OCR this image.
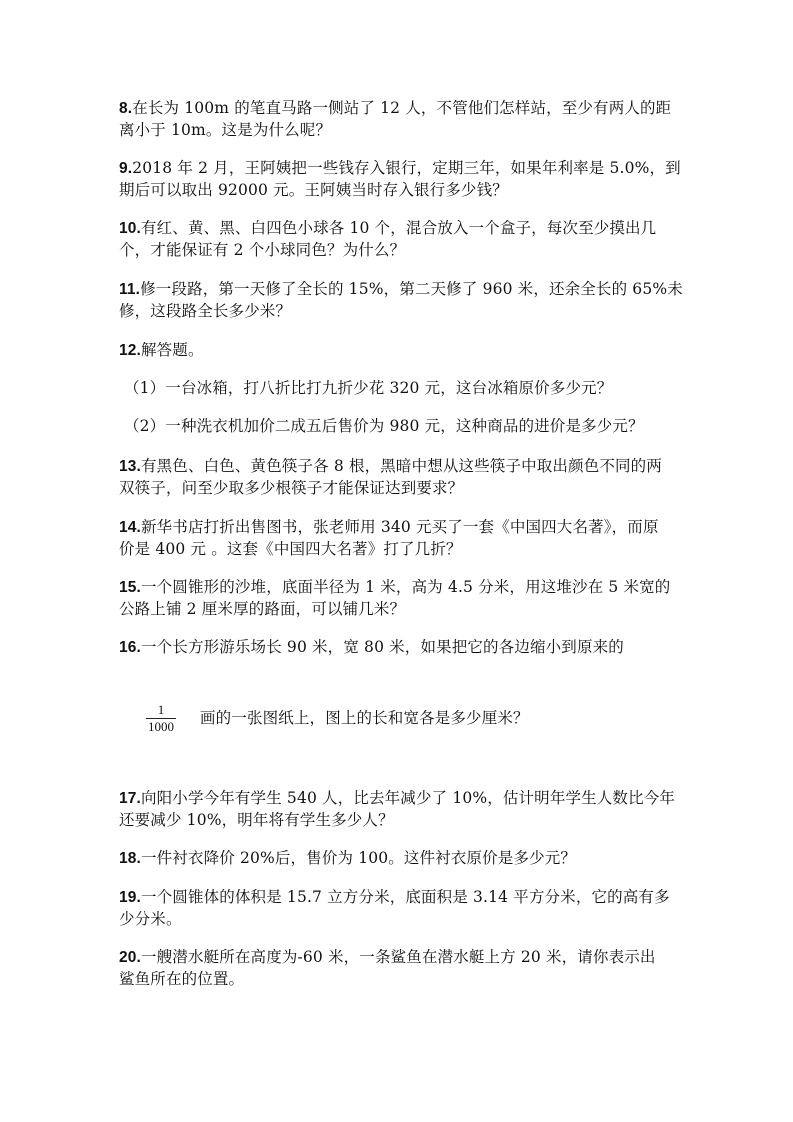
8.在长为 100m 的笔直马路一侧站了 12 人，不管他们怎样站，至少有两人的距
离小于 10m。这是为什么呢？
9.2018 年 2 月，王阿姨把一些钱存入银行，定期三年，如果年利率是 5.0%，到
期后可以取出 92000 元。王阿姨当时存入银行多少钱？
10.有红、黄、黑、白四色小球各 10 个，混合放入一个盒子，每次至少摸出几
个，才能保证有 2 个小球同色？为什么？
11.修一段路，第一天修了全长的 15%，第二天修了 960 米，还余全长的 65%未
修，这段路全长多少米？
12.解答题。
（1）一台冰箱，打八折比打九折少花 320 元，这台冰箱原价多少元？
（2）一种洗衣机加价二成五后售价为 980 元，这种商品的进价是多少元？
13.有黑色、白色、黄色筷子各 8 根，黑暗中想从这些筷子中取出颜色不同的两
双筷子，问至少取多少根筷子才能保证达到要求？
14.新华书店打折出售图书，张老师用 340 元买了一套《中国四大名著》，而原
价是 400 元 。这套《中国四大名著》打了几折？
15.一个圆锥形的沙堆，底面半径为 1 米，高为 4.5 分米，用这堆沙在 5 米宽的
公路上铺 2 厘米厚的路面，可以铺几米？
16.一个长方形游乐场长 90 米，宽 80 米，如果把它的各边缩小到原来的
1
1000 画的一张图纸上，图上的长和宽各是多少厘米？
17.向阳小学今年有学生 540 人，比去年减少了 10%，估计明年学生人数比今年
还要减少 10%，明年将有学生多少人？
18.一件衬衣降价 20%后，售价为 100。这件衬衣原价是多少元？
19.一个圆锥体的体积是 15.7 立方分米，底面积是 3.14 平方分米，它的高有多
少分米。
20.一艘潜水艇所在高度为-60 米，一条鲨鱼在潜水艇上方 20 米，请你表示出
鲨鱼所在的位置。
